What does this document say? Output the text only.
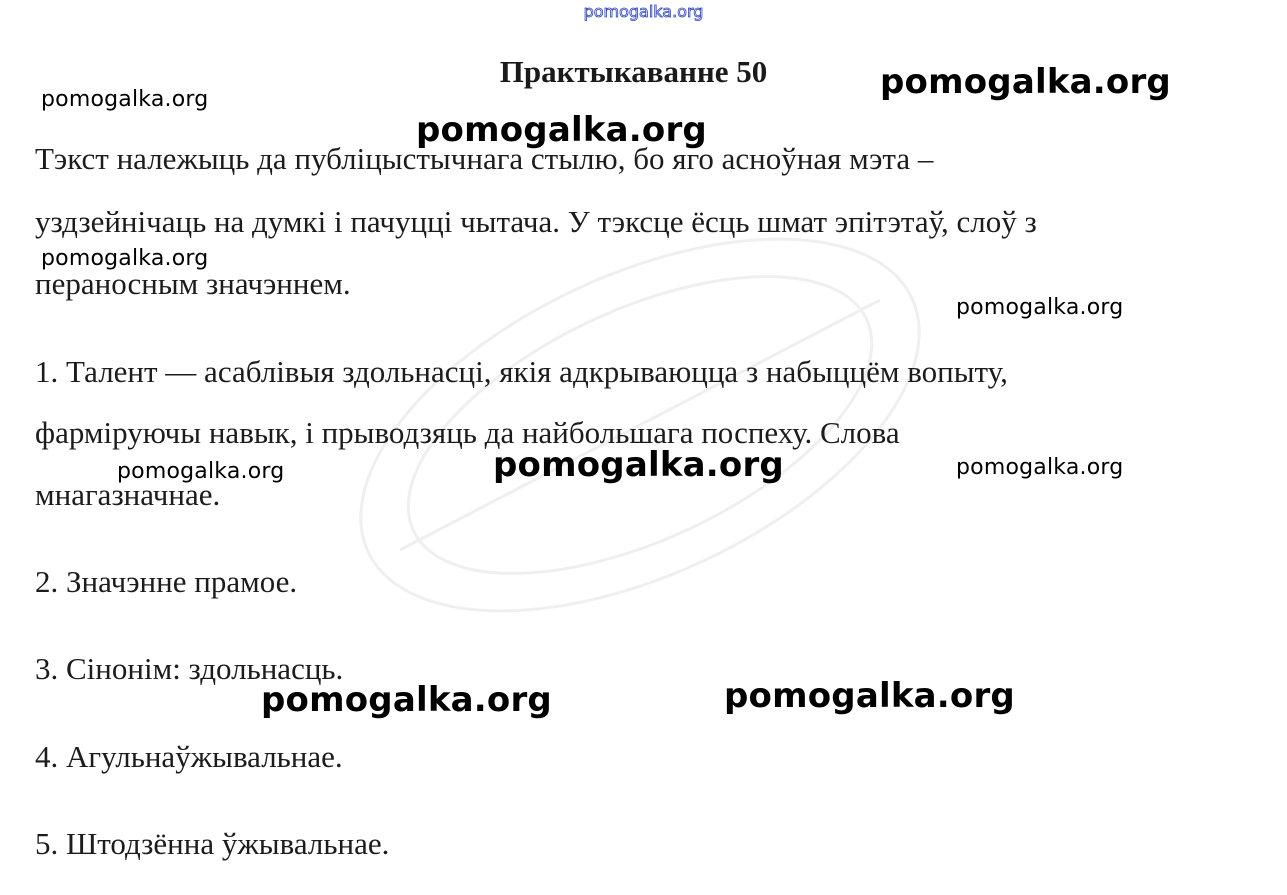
pomogalka.org
Практыкаванне 50
Тэкст належыць да публіцыстычнага стылю, бо яго асноўная мэта –
уздзейнічаць на думкі і пачуцці чытача. У тэксце ёсць шмат эпітэтаў, слоў з
пераносным значэннем.
1. Талент — асаблівыя здольнасці, якія адкрываюцца з набыццём вопыту,
фарміруючы навык, і прыводзяць да найбольшага поспеху. Слова
мнагазначнае.
2. Значэнне прамое.
3. Сінонім: здольнасць.
4. Агульнаўжывальнае.
5. Штодзённа ўжывальнае.
pomogalka.org	pomogalka.org
pomogalka.org
pomogalka.org
pomogalka.org
pomogalka.org	pomogalka.org	pomogalka.org
pomogalka.org	pomogalka.org
